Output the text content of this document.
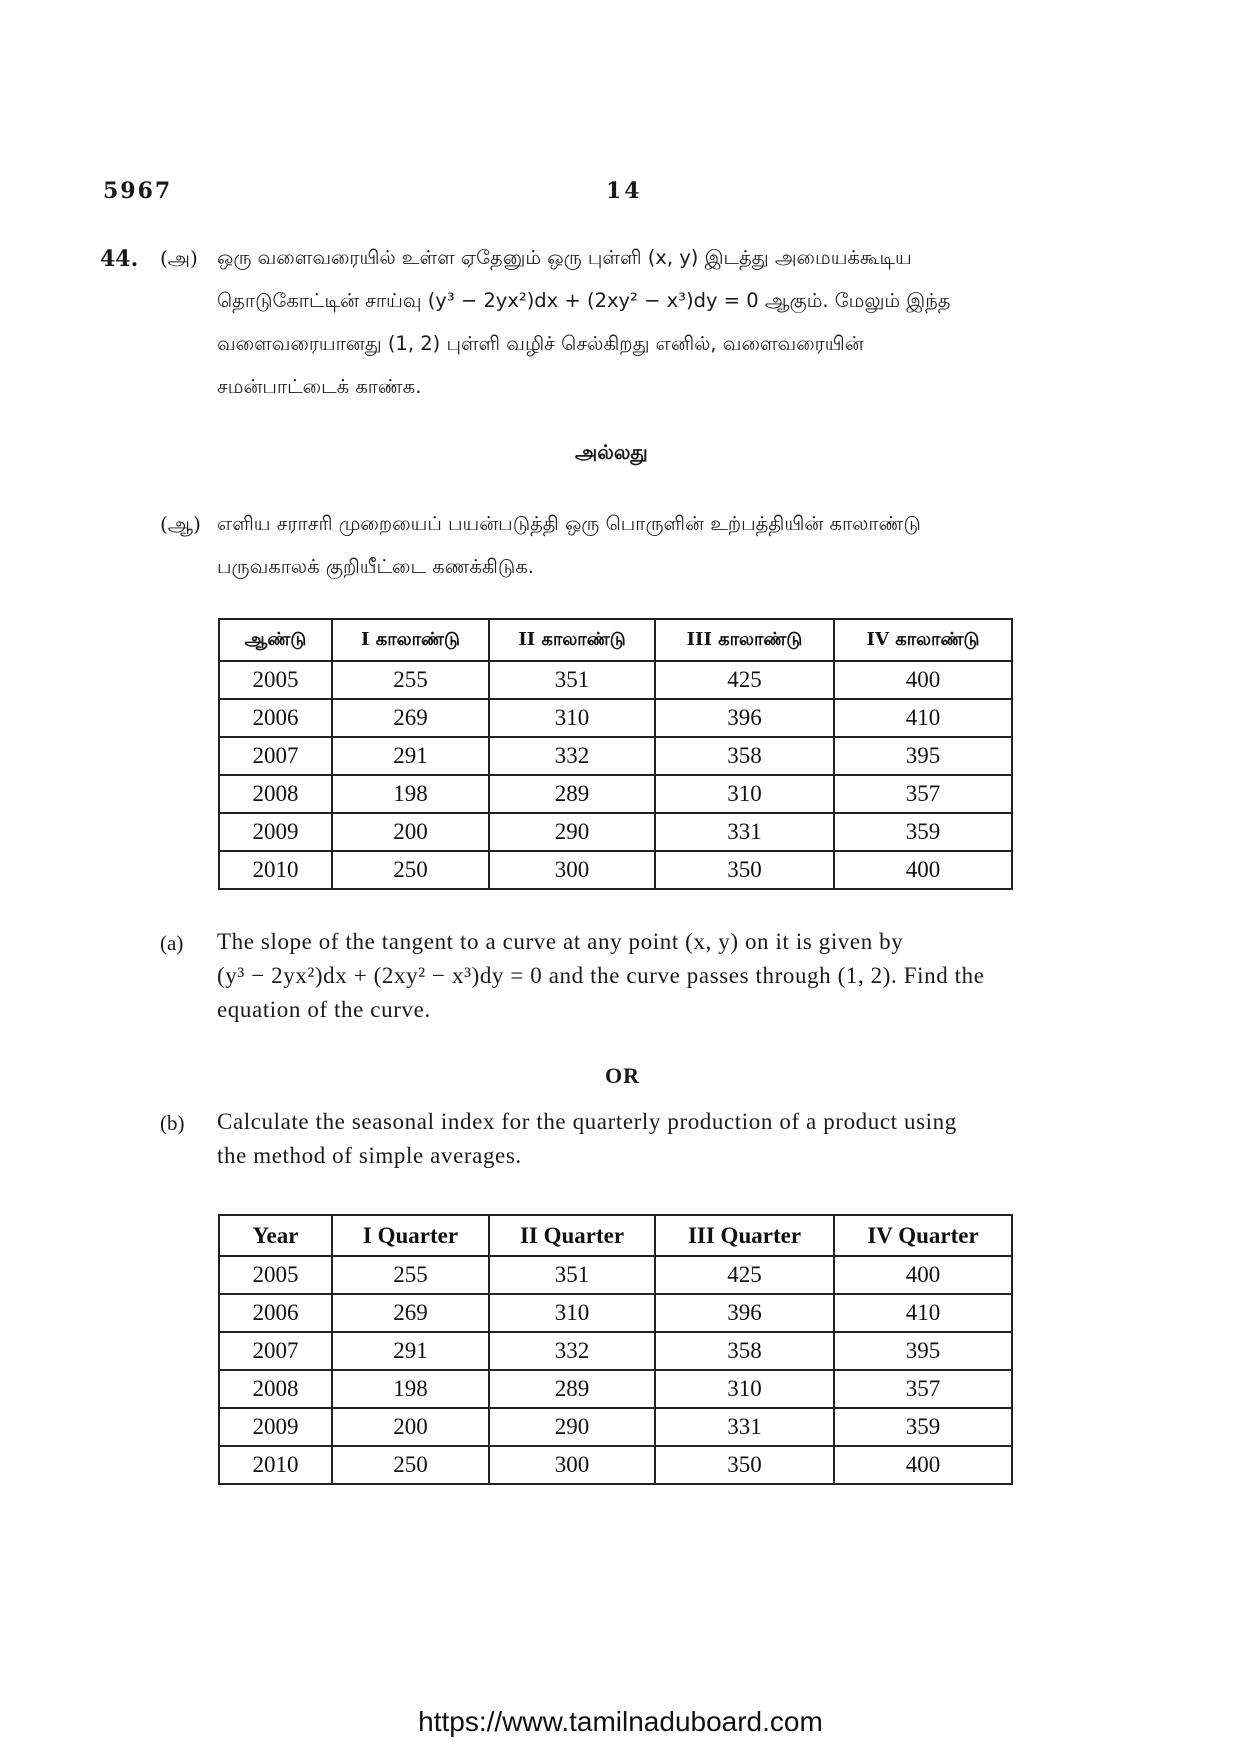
5967	14
44. (அ) ஒரு வளைவரையில் உள்ள ஏதேனும் ஒரு புள்ளி (x, y) இடத்து அமையக்கூடிய
தொடுகோட்டின் சாய்வு (y³ − 2yx²)dx + (2xy² − x³)dy = 0 ஆகும். மேலும் இந்த
வளைவரையானது (1, 2) புள்ளி வழிச் செல்கிறது எனில், வளைவரையின்
சமன்பாட்டைக் காண்க.
அல்லது
(ஆ) எளிய சராசரி முறையைப் பயன்படுத்தி ஒரு பொருளின் உற்பத்தியின் காலாண்டு
பருவகாலக் குறியீட்டை கணக்கிடுக.
ஆண்டு	I காலாண்டு	II காலாண்டு	III காலாண்டு	IV காலாண்டு
2005	255	351	425	400
2006	269	310	396	410
2007	291	332	358	395
2008	198	289	310	357
2009	200	290	331	359
2010	250	300	350	400
(a) The slope of the tangent to a curve at any point (x, y) on it is given by
(y³ − 2yx²)dx + (2xy² − x³)dy = 0 and the curve passes through (1, 2). Find the
equation of the curve.
OR
(b) Calculate the seasonal index for the quarterly production of a product using
the method of simple averages.
Year	I Quarter	II Quarter	III Quarter	IV Quarter
2005	255	351	425	400
2006	269	310	396	410
2007	291	332	358	395
2008	198	289	310	357
2009	200	290	331	359
2010	250	300	350	400
https://www.tamilnaduboard.com
